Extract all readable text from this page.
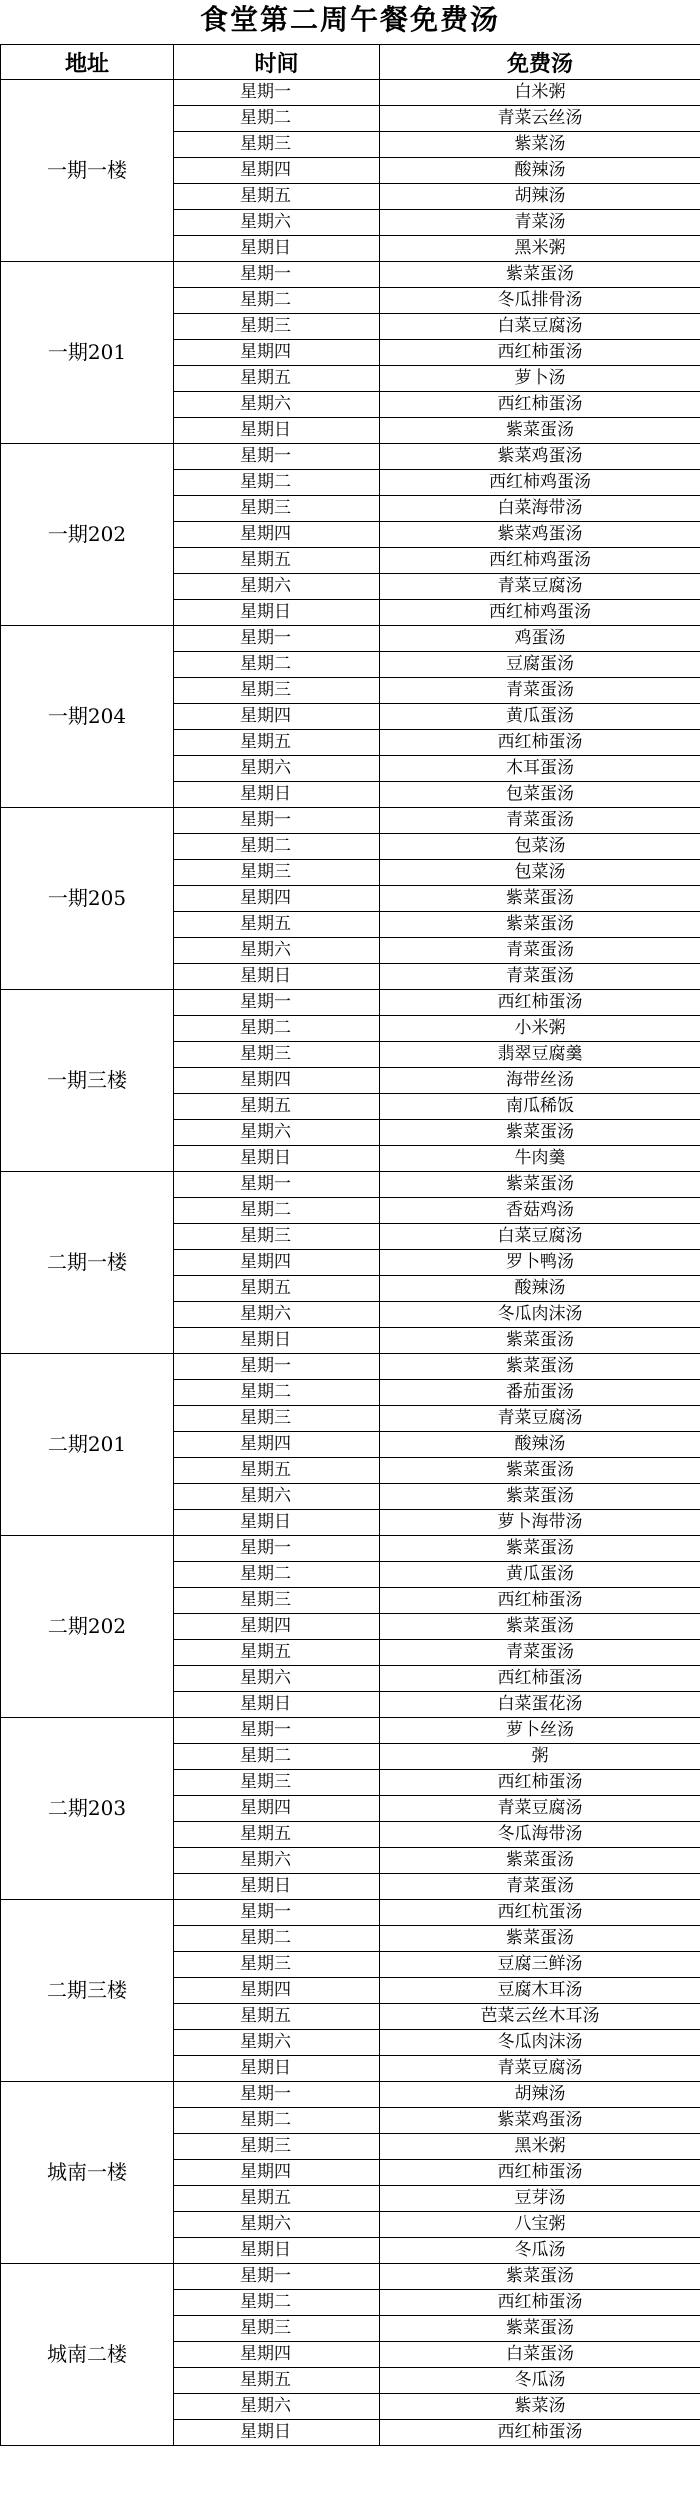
食堂第二周午餐免费汤
地址	时间	免费汤
一期一楼	星期一	白米粥
	星期二	青菜云丝汤
	星期三	紫菜汤
	星期四	酸辣汤
	星期五	胡辣汤
	星期六	青菜汤
	星期日	黑米粥
一期201	星期一	紫菜蛋汤
	星期二	冬瓜排骨汤
	星期三	白菜豆腐汤
	星期四	西红柿蛋汤
	星期五	萝卜汤
	星期六	西红柿蛋汤
	星期日	紫菜蛋汤
一期202	星期一	紫菜鸡蛋汤
	星期二	西红柿鸡蛋汤
	星期三	白菜海带汤
	星期四	紫菜鸡蛋汤
	星期五	西红柿鸡蛋汤
	星期六	青菜豆腐汤
	星期日	西红柿鸡蛋汤
一期204	星期一	鸡蛋汤
	星期二	豆腐蛋汤
	星期三	青菜蛋汤
	星期四	黄瓜蛋汤
	星期五	西红柿蛋汤
	星期六	木耳蛋汤
	星期日	包菜蛋汤
一期205	星期一	青菜蛋汤
	星期二	包菜汤
	星期三	包菜汤
	星期四	紫菜蛋汤
	星期五	紫菜蛋汤
	星期六	青菜蛋汤
	星期日	青菜蛋汤
一期三楼	星期一	西红柿蛋汤
	星期二	小米粥
	星期三	翡翠豆腐羹
	星期四	海带丝汤
	星期五	南瓜稀饭
	星期六	紫菜蛋汤
	星期日	牛肉羹
二期一楼	星期一	紫菜蛋汤
	星期二	香菇鸡汤
	星期三	白菜豆腐汤
	星期四	罗卜鸭汤
	星期五	酸辣汤
	星期六	冬瓜肉沫汤
	星期日	紫菜蛋汤
二期201	星期一	紫菜蛋汤
	星期二	番茄蛋汤
	星期三	青菜豆腐汤
	星期四	酸辣汤
	星期五	紫菜蛋汤
	星期六	紫菜蛋汤
	星期日	萝卜海带汤
二期202	星期一	紫菜蛋汤
	星期二	黄瓜蛋汤
	星期三	西红柿蛋汤
	星期四	紫菜蛋汤
	星期五	青菜蛋汤
	星期六	西红柿蛋汤
	星期日	白菜蛋花汤
二期203	星期一	萝卜丝汤
	星期二	粥
	星期三	西红柿蛋汤
	星期四	青菜豆腐汤
	星期五	冬瓜海带汤
	星期六	紫菜蛋汤
	星期日	青菜蛋汤
二期三楼	星期一	西红杭蛋汤
	星期二	紫菜蛋汤
	星期三	豆腐三鲜汤
	星期四	豆腐木耳汤
	星期五	芭菜云丝木耳汤
	星期六	冬瓜肉沫汤
	星期日	青菜豆腐汤
城南一楼	星期一	胡辣汤
	星期二	紫菜鸡蛋汤
	星期三	黑米粥
	星期四	西红柿蛋汤
	星期五	豆芽汤
	星期六	八宝粥
	星期日	冬瓜汤
城南二楼	星期一	紫菜蛋汤
	星期二	西红柿蛋汤
	星期三	紫菜蛋汤
	星期四	白菜蛋汤
	星期五	冬瓜汤
	星期六	紫菜汤
	星期日	西红柿蛋汤
